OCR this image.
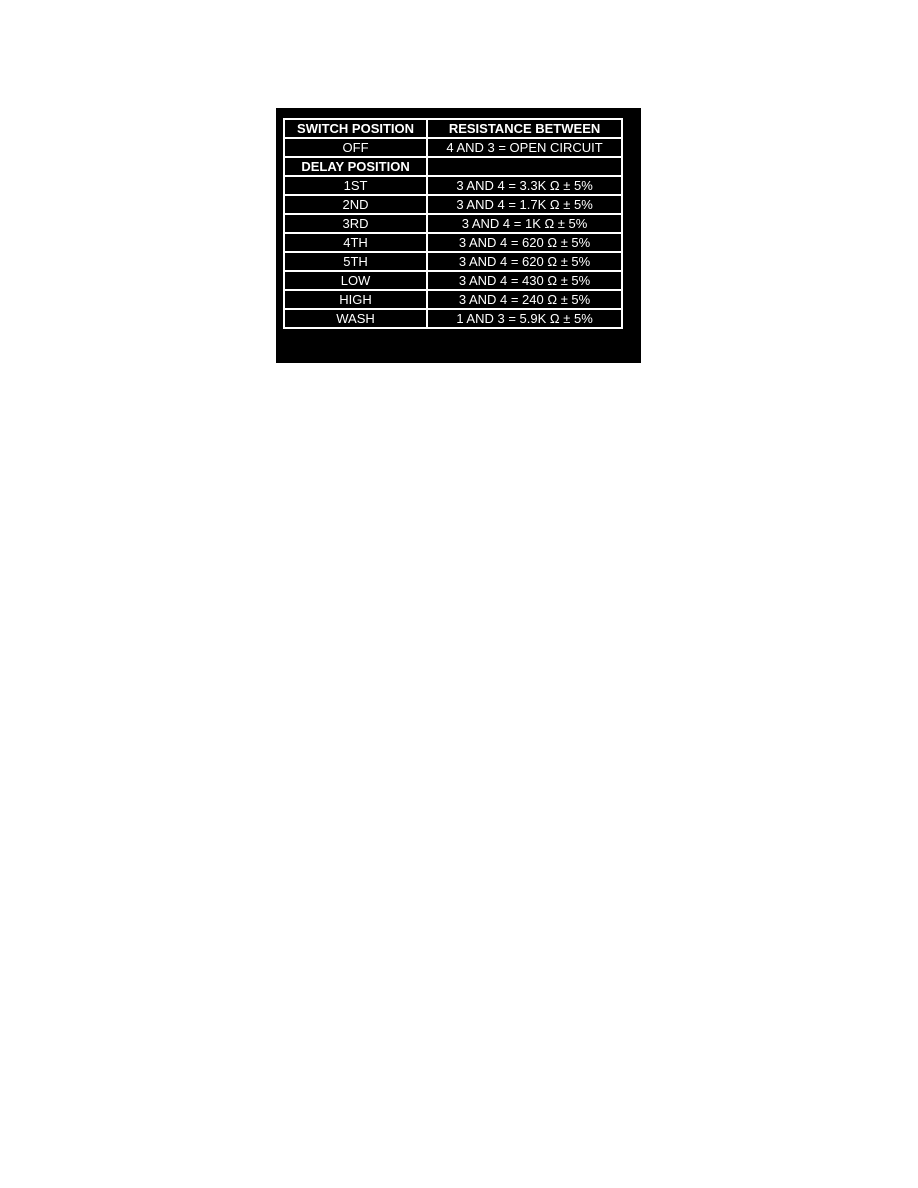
SWITCH POSITION	RESISTANCE BETWEEN
OFF	4 AND 3 = OPEN CIRCUIT
DELAY POSITION	
1ST	3 AND 4 = 3.3K Ω ± 5%
2ND	3 AND 4 = 1.7K Ω ± 5%
3RD	3 AND 4 = 1K Ω ± 5%
4TH	3 AND 4 = 620 Ω ± 5%
5TH	3 AND 4 = 620 Ω ± 5%
LOW	3 AND 4 = 430 Ω ± 5%
HIGH	3 AND 4 = 240 Ω ± 5%
WASH	1 AND 3 = 5.9K Ω ± 5%
